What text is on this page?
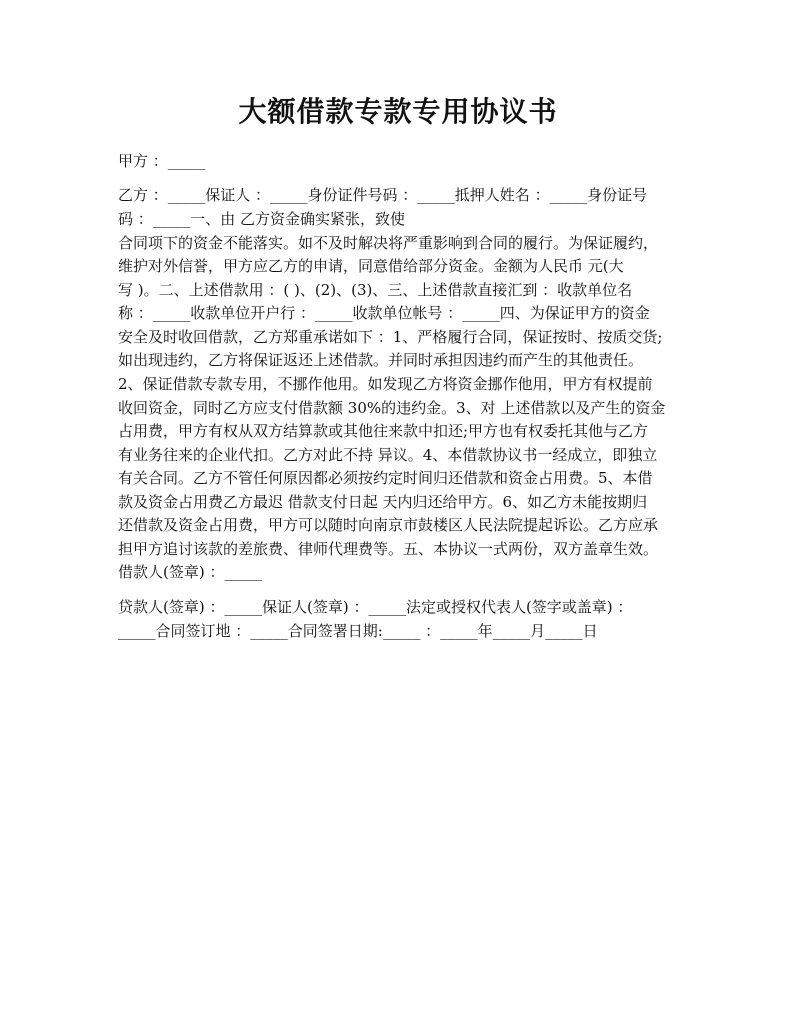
大额借款专款专用协议书

甲方 ：_____

乙方 ：_____保证人 ：_____身份证件号码 ：_____抵押人姓名 ：_____身份证号

码 ：_____一、由 乙方资金确实紧张，致使

合同项下的资金不能落实。如不及时解决将严重影响到合同的履行。为保证履约，

维护对外信誉，甲方应乙方的申请，同意借给部分资金。金额为人民币 元(大

写 )。二、上述借款用 ：( )、(2)、(3)、三、上述借款直接汇到 ：收款单位名

称 ：_____收款单位开户行 ：_____收款单位帐号 ：_____四、为保证甲方的资金

安全及时收回借款，乙方郑重承诺如下 ：1、严格履行合同，保证按时、按质交货;

如出现违约，乙方将保证返还上述借款。并同时承担因违约而产生的其他责任。

2、保证借款专款专用，不挪作他用。如发现乙方将资金挪作他用，甲方有权提前

收回资金，同时乙方应支付借款额 30%的违约金。3、对 上述借款以及产生的资金

占用费，甲方有权从双方结算款或其他往来款中扣还;甲方也有权委托其他与乙方

有业务往来的企业代扣。乙方对此不持 异议。4、本借款协议书一经成立，即独立

有关合同。乙方不管任何原因都必须按约定时间归还借款和资金占用费。5、本借

款及资金占用费乙方最迟 借款支付日起 天内归还给甲方。6、如乙方未能按期归

还借款及资金占用费，甲方可以随时向南京市鼓楼区人民法院提起诉讼。乙方应承

担甲方追讨该款的差旅费、律师代理费等。五、本协议一式两份，双方盖章生效。

借款人(签章) ：_____

贷款人(签章) ：_____保证人(签章) ：_____法定或授权代表人(签字或盖章) ：

_____合同签订地 ：_____合同签署日期:_____ ：_____年_____月_____日
